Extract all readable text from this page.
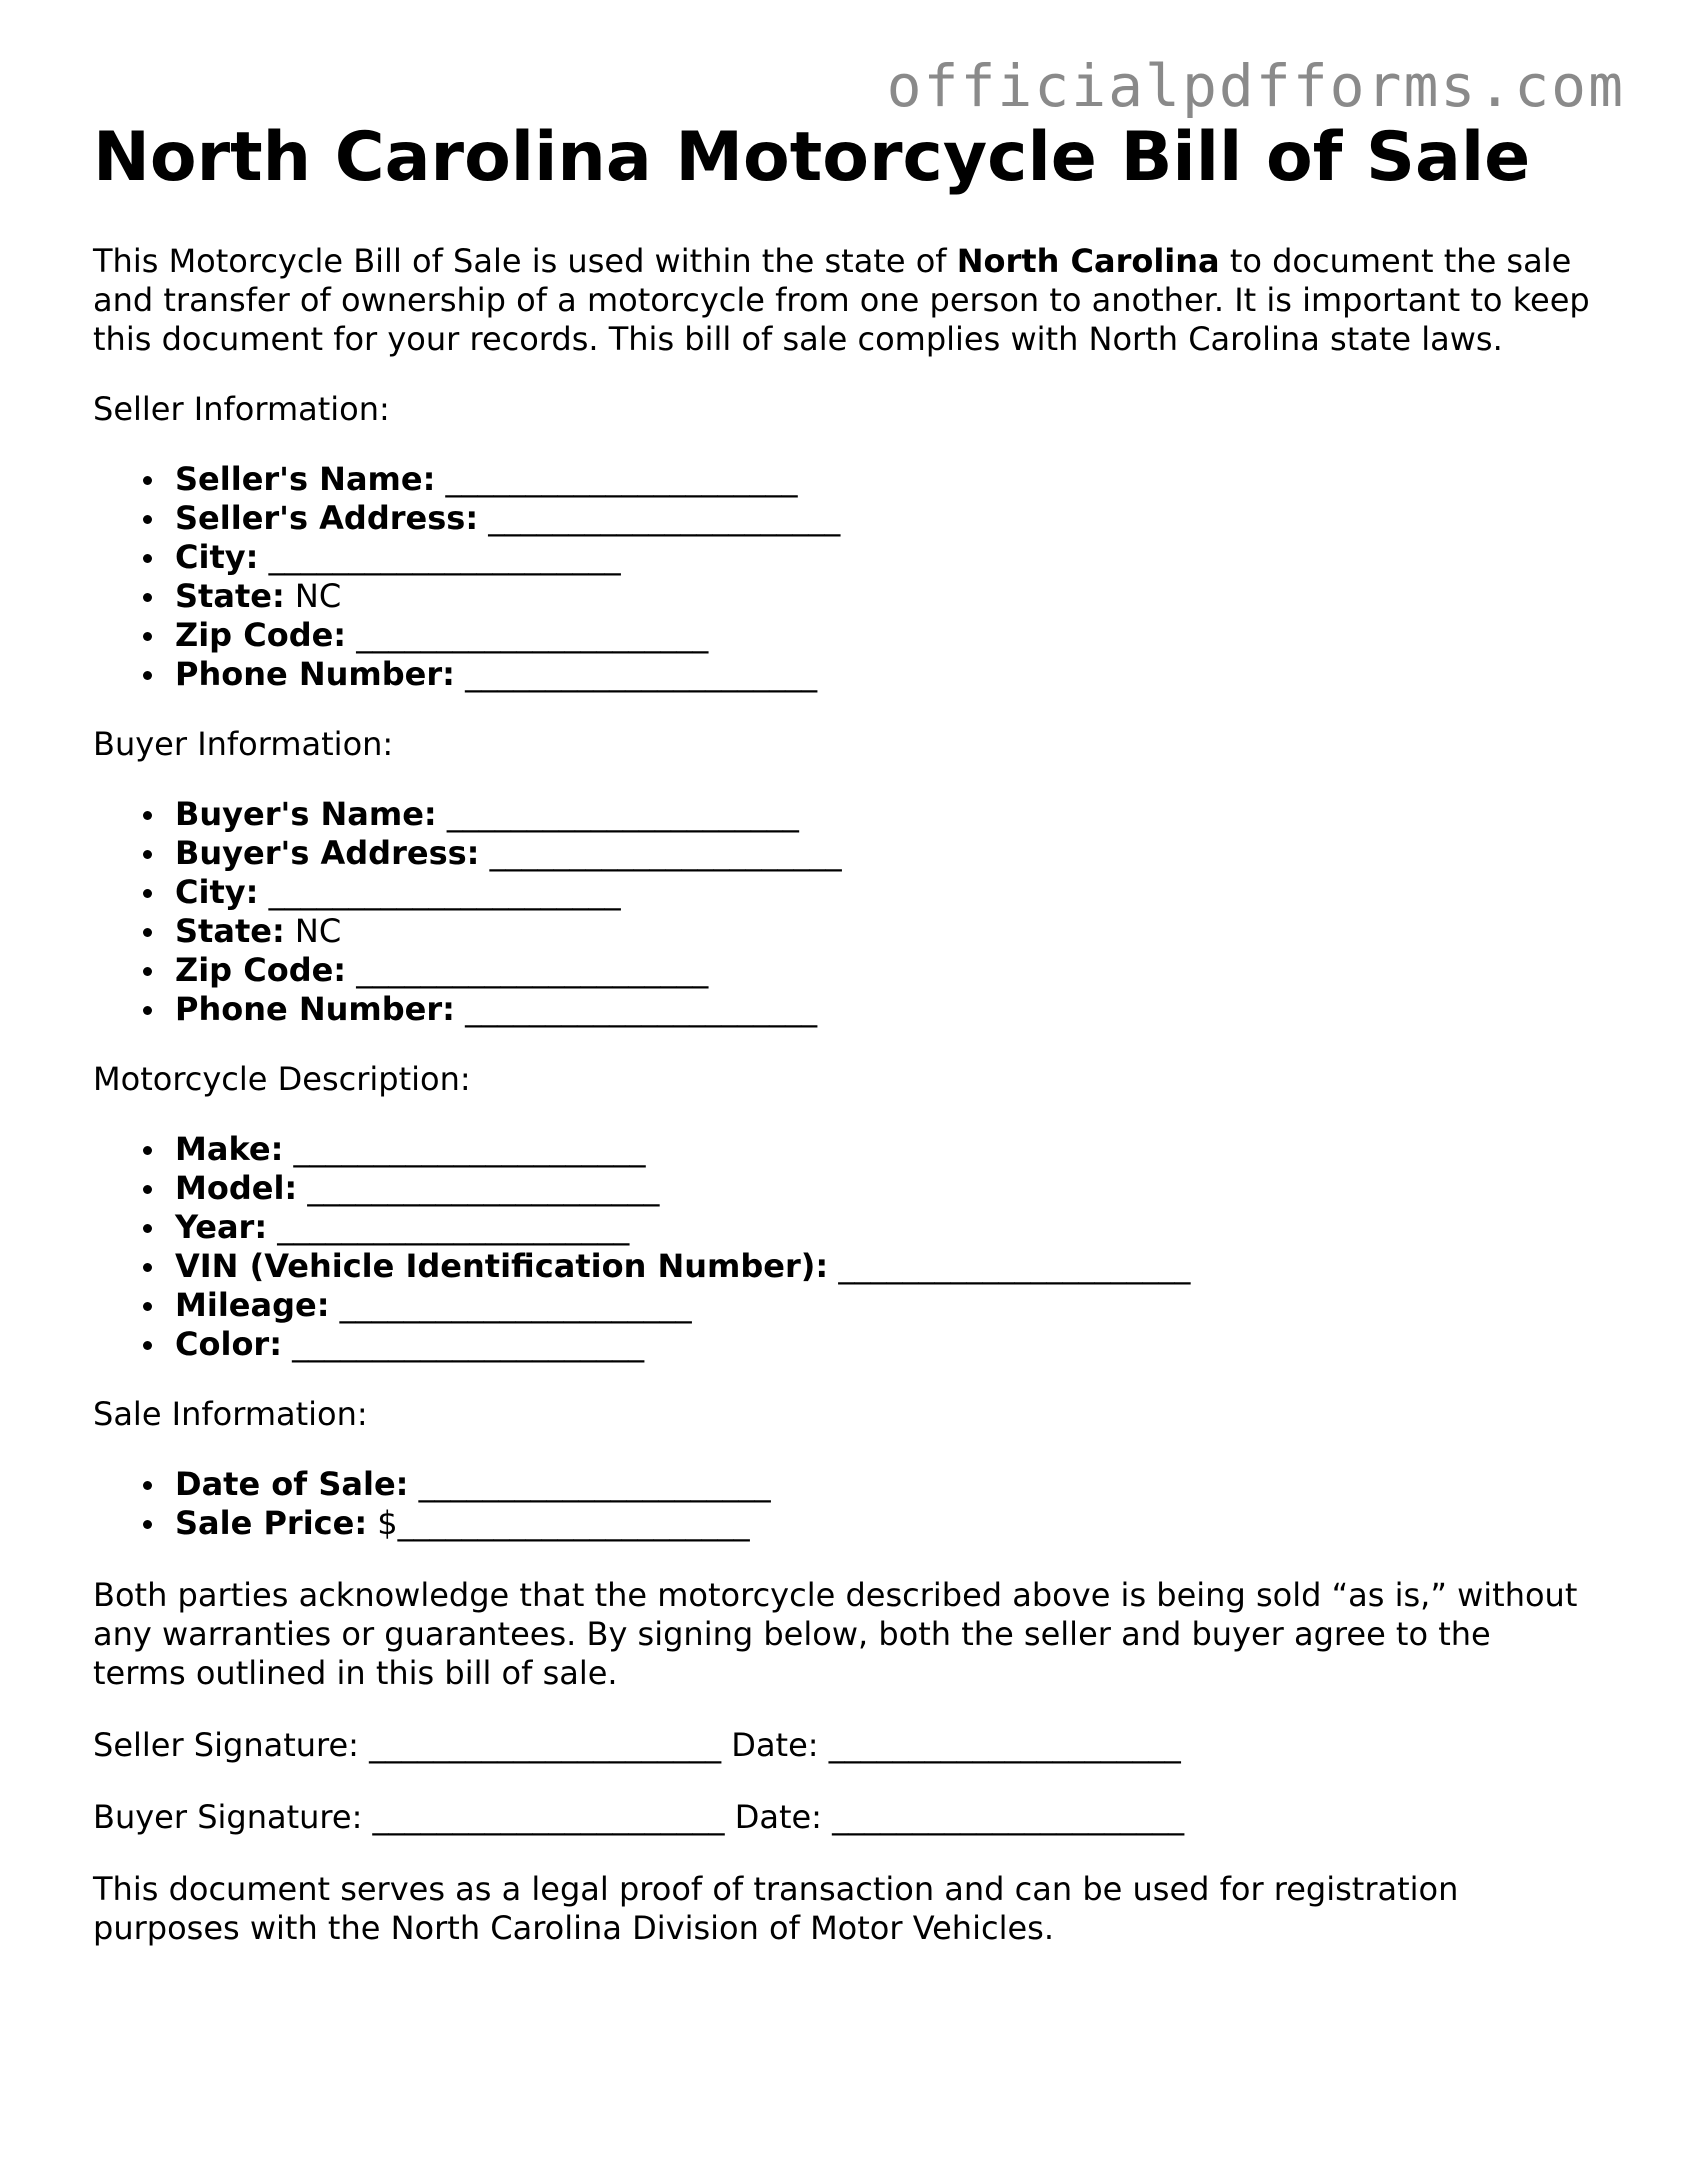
officialpdfforms.com
North Carolina Motorcycle Bill of Sale

This Motorcycle Bill of Sale is used within the state of North Carolina to document the sale and transfer of ownership of a motorcycle from one person to another. It is important to keep this document for your records. This bill of sale complies with North Carolina state laws.

Seller Information:

Seller's Name: ______________________
Seller's Address: ______________________
City: ______________________
State: NC
Zip Code: ______________________
Phone Number: ______________________

Buyer Information:

Buyer's Name: ______________________
Buyer's Address: ______________________
City: ______________________
State: NC
Zip Code: ______________________
Phone Number: ______________________

Motorcycle Description:

Make: ______________________
Model: ______________________
Year: ______________________
VIN (Vehicle Identification Number): ______________________
Mileage: ______________________
Color: ______________________

Sale Information:

Date of Sale: ______________________
Sale Price: $______________________

Both parties acknowledge that the motorcycle described above is being sold “as is,” without any warranties or guarantees. By signing below, both the seller and buyer agree to the terms outlined in this bill of sale.

Seller Signature: ______________________ Date: ______________________

Buyer Signature: ______________________ Date: ______________________

This document serves as a legal proof of transaction and can be used for registration purposes with the North Carolina Division of Motor Vehicles.
